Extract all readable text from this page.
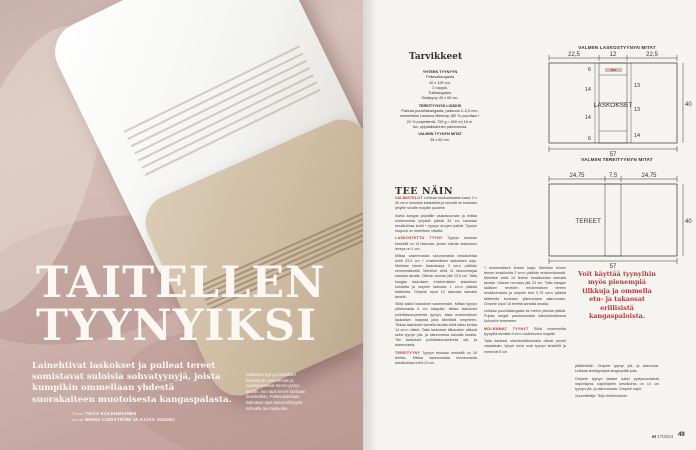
TAITELLEN
TYYNYIKSI

Lainehtivat laskokset ja pulleat tereet somistavat suloisia sohvatyynyjä, joista kumpikin ommellaan yhdestä suorakaiteen muotoisesta kangaspalasta.

Teksti TEIJA KOLEHMAINEN
Kuvat MINNA LINDSTRÖM JA KAISA JOUHKI

Valkoisen tyynyn laskokset keskittyvät vasemmalle ja vaaleanruskeat tereet tyynyn sivuille, kun taas tereet kankaan keskikohtiin. Pellavakankaan laskokset taas luovat elävyyttä sohvalle tai nojatuoliin.

Tarvikkeet

YHTEEN TYYNYYN

Pellavakangasta

40 x 150 cm.

2 nappia.

Tukikangasta.

Sisätyyny 40 x 60 cm.

TEREITYYNYN LISÄKSI

Paksua puuvillakangasta, paksuus 2–2,5 mm, esimerkiksi Lankava Minimop (80 % puuvillaa + 20 % polyesteriä, 700 g = 690 m) 16 m.

Iso, sylpäsikkärinen paininneula.

VALMIIN TYYNYN MITAT

38 x 60 cm.

VALMIIN LASKOSTYYNYN MITAT
22,5	12	22,5
LASKOKSET
Mitta
6
14
14
6
13
13
14
40
57
VALMIIN TEREITYYNYN MITAT
24,75	7,5	24,75
TEREET	40
57
TEE NÄIN

VALMISTELUT Leikkaa tukikankaasta kaksi 3 x 40 cm:n kokoista kaistaletta ja kiinnitä ne kankaan lyhyille sivuille nurjalle puolelle.

Aseta kangas pöydälle vaakasuoraan ja mittaa molemmista lyhyistä päistä 33 cm kankaan keskikohtaa kohti + tyynyn sivujen paikat. Tyynyn etupuoli on merkitsen viivalla.

LASKOSTETTU TYYNY Tyynyn etuosan keskellä on 13 laskosta, yhden valmiin laskoksen leveys on 1 cm.

Mittaa vasemmasta sivureunasta keskikohtaa kohti 23,5 cm + ensimmäisen laskoksen kaju. Merkitse toinen laskoskarja 3 cm:n päähän ensimmäisestä. Merkitse vielä 11 laskosharjaa samalla tavalla. Oikean reunan jää 23,5 cm. Taita kangas laskoksen ensimmäisen laskoksen kohdalta ja ompele laskoksi 1 cm:n päästä taitteesta. Ompele loput 12 laskosta samalla tavalla.

Silitä kaikki laskokset vasemmalle. Mittaa tyynyn yläreunasta 6 cm alaspäin, tikkaa laskokset poikittaisompeleella tyynyn, alsta ensimmäisen laskoksen harjasta joka kiinnittää ompeleen. Tikkaa laskokset samalla tavalla vielä kaksi kertaa 14 cm:n välein. Taita laskokset tikkausten välissä sekä tyynyn ylä- ja alareunasta samalla tavalla. Tee laskokset poikittaisompeleella ylä- ja alareunasta.

TEREITYYNY Tyynyn etuosan keskellä on 16 teretta. Mittaa vasemmasta sivureunasta keskikohtaa kohti 23 cm

+ ensimmäisen tereen harja. Merkitse toinen tereen keskikohta 2 cm:n päähän ensimmäisestä. Merkitse vielä 14 tereen keskikohtaa samalla tavalla. Oikean reunaan jää 23 cm. Taita kangas kaikkien tereiden ensimmäisen tereen keskikohdasta ja ompele tere 0,75 cm:n päästä taitteesta kankaan yläreunasta alareunaan. Ompele loput 15 terettä samalla tavalla.

Leikkaa puuvillalangasta ta metrin pituisia pätkiä. Pujota langat parsinneulalla kaksinkertaisena kuhunkin tereeseen.

MOLEMMAT TYYNYT Silitä molemmilla tyynyillä sivuista 5 cm:n kääntevara nurjalle.

Taita kankaat oluenkeskikohdalla oikeat puolet vastakkain, lyhyet sivut ovat tyynyn keskellä ja menevät 5 cm

Voit käyttää tyynyihin myös pienempiä tilkkuja ja ommella etu- ja takaosat erillisistä kangaspaloista.

päällekkäin. Ompele tyynyn ylä- ja alareunat. Leikkaa tereityynystä langanpäät pois.

Ompele tyynyn taakse kaksi pystysuuntaista napinläpeä, napinläpien keskikohta on 14 cm tyynyn ylä- ja alareunasta. Ompele napit.

Suunnittelija: Teija Kolehmainen

et 17/2024 49
